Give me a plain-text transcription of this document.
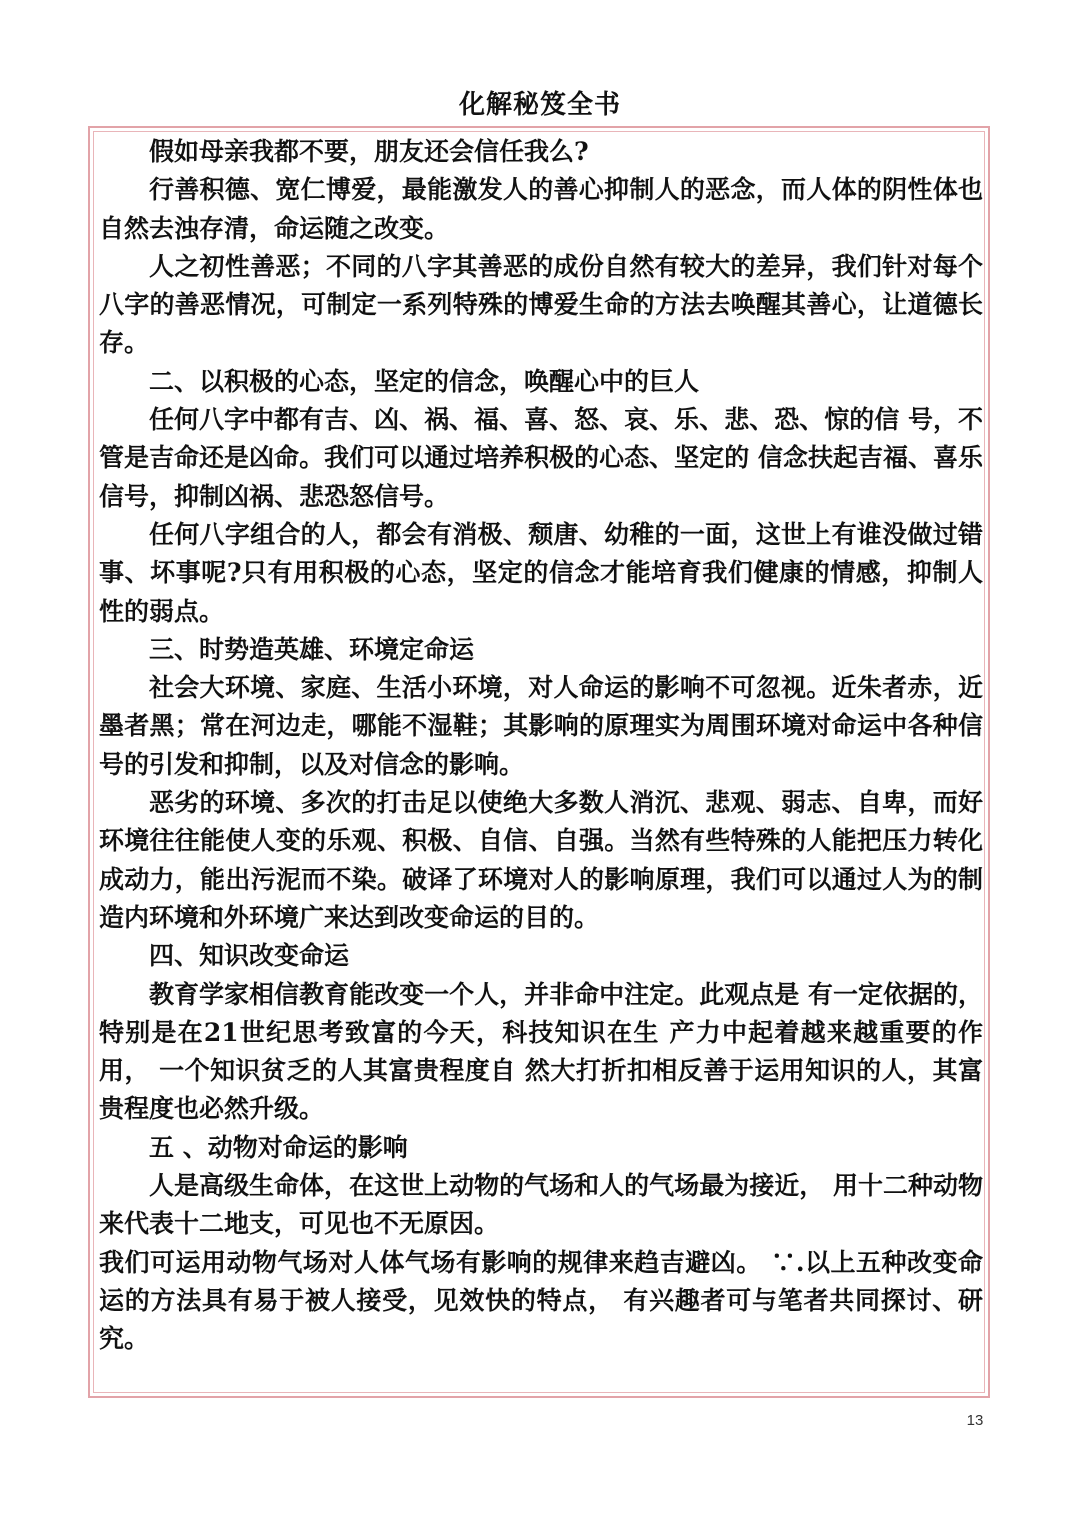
化解秘笈全书

假如母亲我都不要，朋友还会信任我么?

行善积德、宽仁博爱，最能激发人的善心抑制人的恶念，而人体的阴性体也自然去浊存清，命运随之改变。

人之初性善恶；不同的八字其善恶的成份自然有较大的差异，我们针对每个八字的善恶情况，可制定一系列特殊的博爱生命的方法去唤醒其善心，让道德长存。

二、以积极的心态，坚定的信念，唤醒心中的巨人

任何八字中都有吉、凶、祸、福、喜、怒、哀、乐、悲、恐、惊的信 号，不管是吉命还是凶命。我们可以通过培养积极的心态、坚定的 信念扶起吉福、喜乐信号，抑制凶祸、悲恐怒信号。

任何八字组合的人，都会有消极、颓唐、幼稚的一面，这世上有谁没做过错事、坏事呢?只有用积极的心态，坚定的信念才能培育我们健康的情感，抑制人性的弱点。

三、时势造英雄、环境定命运

社会大环境、家庭、生活小环境，对人命运的影响不可忽视。近朱者赤，近墨者黑；常在河边走，哪能不湿鞋；其影响的原理实为周围环境对命运中各种信号的引发和抑制，以及对信念的影响。

恶劣的环境、多次的打击足以使绝大多数人消沉、悲观、弱志、自卑，而好环境往往能使人变的乐观、积极、自信、自强。当然有些特殊的人能把压力转化成动力，能出污泥而不染。破译了环境对人的影响原理，我们可以通过人为的制造内环境和外环境广来达到改变命运的目的。

四、知识改变命运

教育学家相信教育能改变一个人，并非命中注定。此观点是 有一定依据的，特别是在21世纪思考致富的今天，科技知识在生 产力中起着越来越重要的作用， 一个知识贫乏的人其富贵程度自 然大打折扣相反善于运用知识的人，其富贵程度也必然升级。

五 、动物对命运的影响

人是高级生命体，在这世上动物的气场和人的气场最为接近， 用十二种动物来代表十二地支，可见也不无原因。

我们可运用动物气场对人体气场有影响的规律来趋吉避凶。 ∵.以上五种改变命运的方法具有易于被人接受，见效快的特点， 有兴趣者可与笔者共同探讨、研究。

13
